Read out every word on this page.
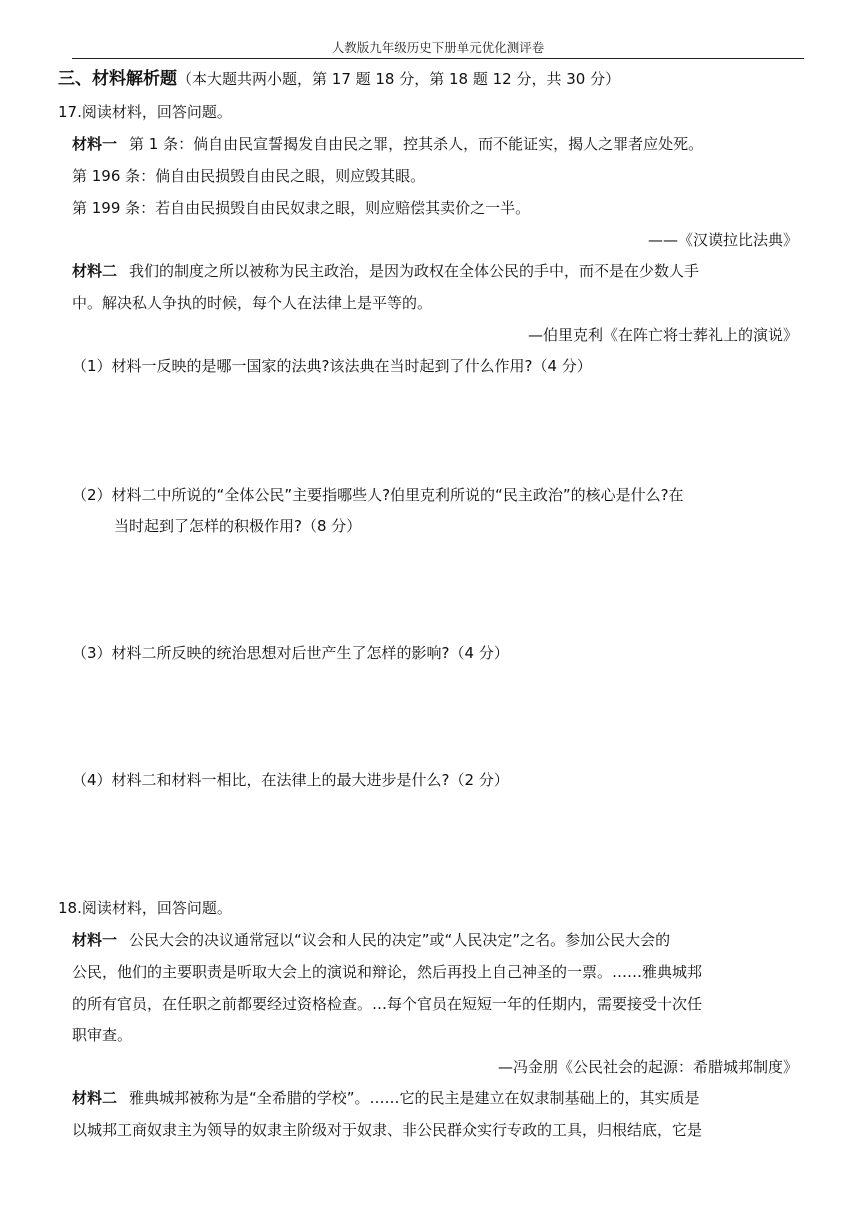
人教版九年级历史下册单元优化测评卷
三、材料解析题（本大题共两小题，第 17 题 18 分，第 18 题 12 分，共 30 分）
17.阅读材料，回答问题。
材料一 第 1 条：倘自由民宣誓揭发自由民之罪，控其杀人，而不能证实，揭人之罪者应处死。
第 196 条：倘自由民损毁自由民之眼，则应毁其眼。
第 199 条：若自由民损毁自由民奴隶之眼，则应赔偿其卖价之一半。
——《汉谟拉比法典》
材料二 我们的制度之所以被称为民主政治，是因为政权在全体公民的手中，而不是在少数人手
中。解决私人争执的时候，每个人在法律上是平等的。
—伯里克利《在阵亡将士葬礼上的演说》
（1）材料一反映的是哪一国家的法典?该法典在当时起到了什么作用?（4 分）
（2）材料二中所说的“全体公民”主要指哪些人?伯里克利所说的“民主政治”的核心是什么?在
当时起到了怎样的积极作用?（8 分）
（3）材料二所反映的统治思想对后世产生了怎样的影响?（4 分）
（4）材料二和材料一相比，在法律上的最大进步是什么?（2 分）
18.阅读材料，回答问题。
材料一 公民大会的决议通常冠以“议会和人民的决定”或“人民决定”之名。参加公民大会的
公民，他们的主要职责是听取大会上的演说和辩论，然后再投上自己神圣的一票。……雅典城邦
的所有官员，在任职之前都要经过资格检查。…每个官员在短短一年的任期内，需要接受十次任
职审查。
—冯金朋《公民社会的起源：希腊城邦制度》
材料二 雅典城邦被称为是“全希腊的学校”。……它的民主是建立在奴隶制基础上的，其实质是
以城邦工商奴隶主为领导的奴隶主阶级对于奴隶、非公民群众实行专政的工具，归根结底，它是
